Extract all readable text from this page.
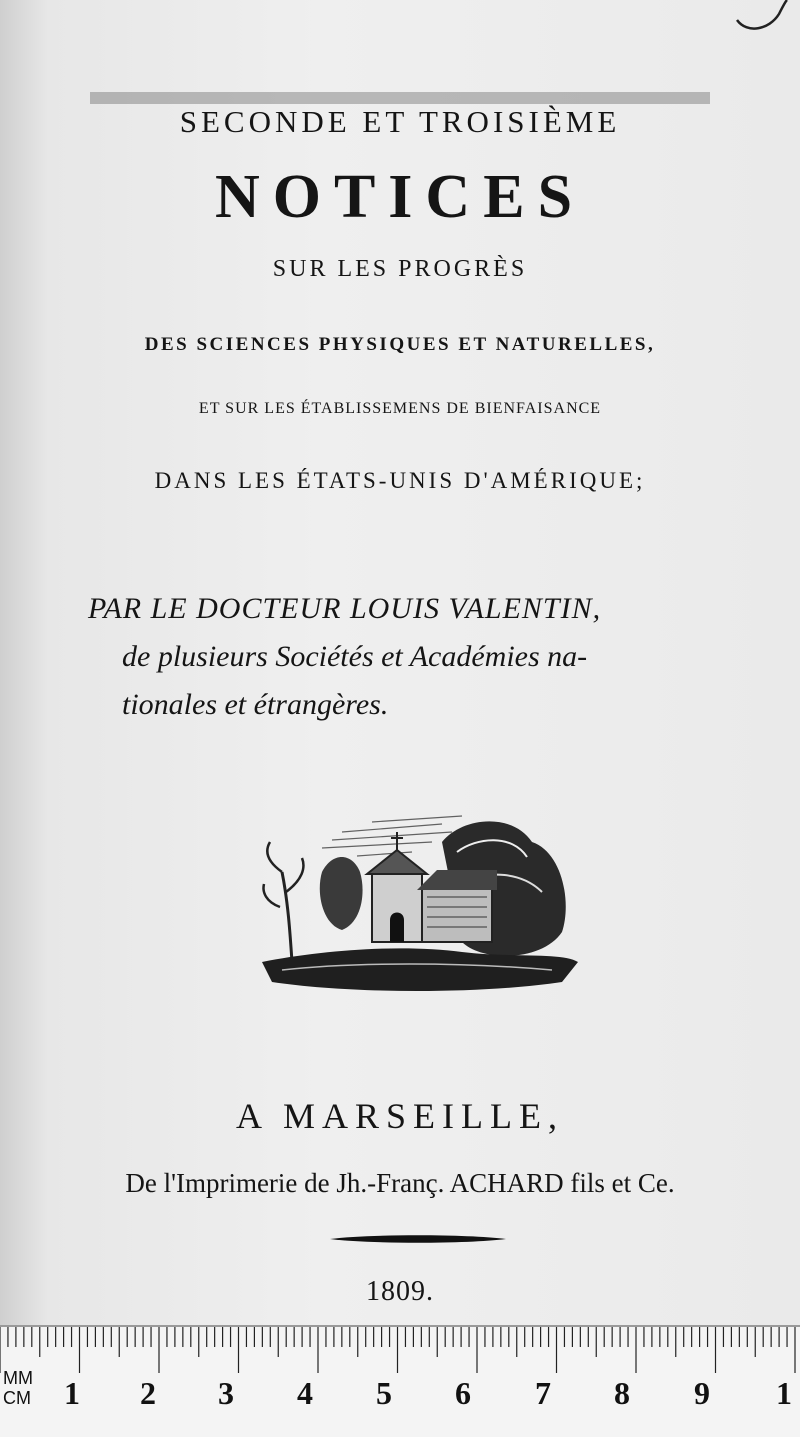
SECONDE ET TROISIÈME
NOTICES
SUR LES PROGRÈS
DES SCIENCES PHYSIQUES ET NATURELLES,
ET SUR LES ÉTABLISSEMENS DE BIENFAISANCE
DANS LES ÉTATS-UNIS D'AMÉRIQUE;
PAR LE DOCTEUR LOUIS VALENTIN,
de plusieurs Sociétés et Académies na-
tionales et étrangères.
A MARSEILLE,
De l'Imprimerie de Jh.-Franç. ACHARD fils et Ce.
1809.
MM
CM 1 2 3 4 5 6 7 8 9 1
